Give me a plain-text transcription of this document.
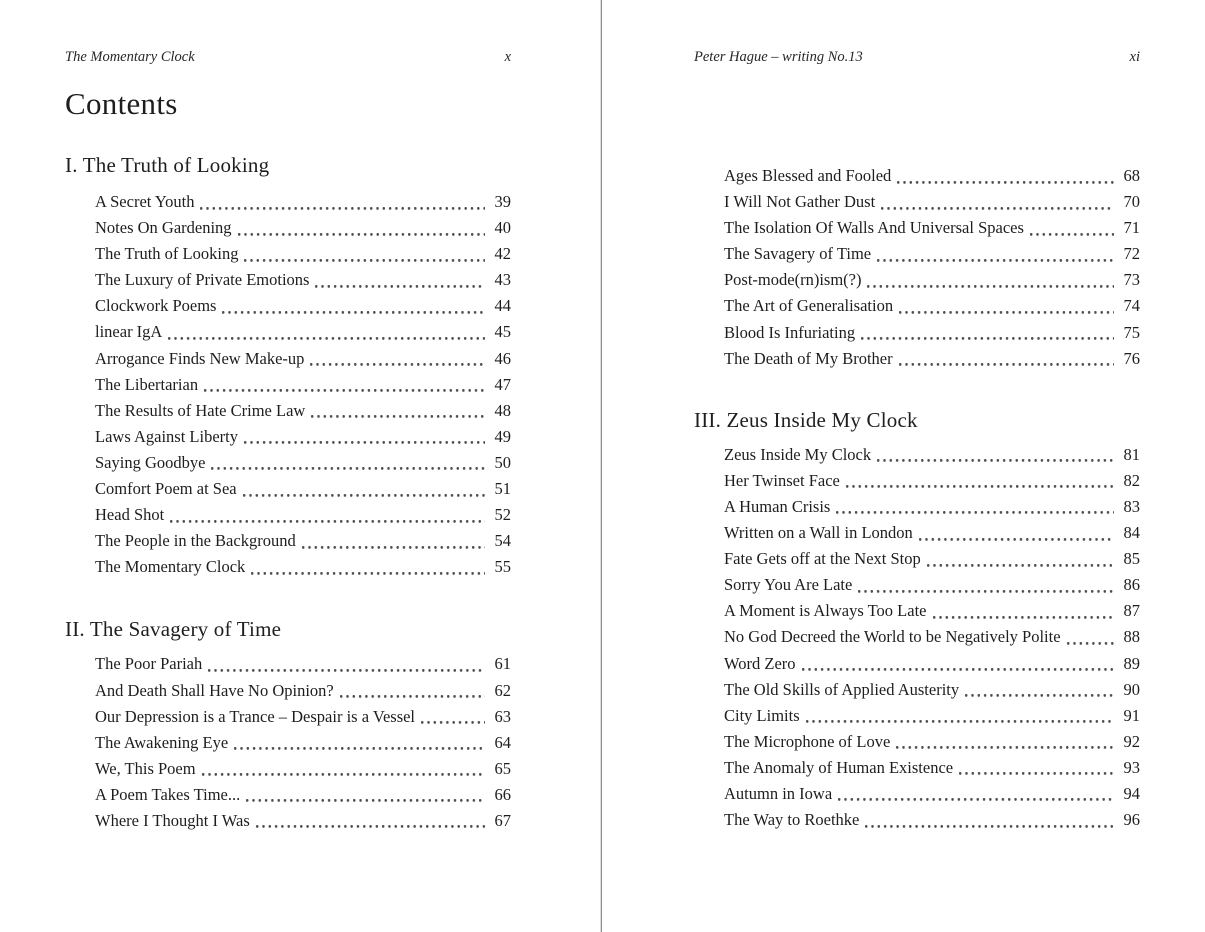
The Momentary Clock	x
Contents
I. The Truth of Looking
A Secret Youth	39
Notes On Gardening	40
The Truth of Looking	42
The Luxury of Private Emotions	43
Clockwork Poems	44
linear IgA	45
Arrogance Finds New Make-up	46
The Libertarian	47
The Results of Hate Crime Law	48
Laws Against Liberty	49
Saying Goodbye	50
Comfort Poem at Sea	51
Head Shot	52
The People in the Background	54
The Momentary Clock	55
II. The Savagery of Time
The Poor Pariah	61
And Death Shall Have No Opinion?	62
Our Depression is a Trance – Despair is a Vessel	63
The Awakening Eye	64
We, This Poem	65
A Poem Takes Time...	66
Where I Thought I Was	67
Peter Hague – writing No.13	xi
Ages Blessed and Fooled	68
I Will Not Gather Dust	70
The Isolation Of Walls And Universal Spaces	71
The Savagery of Time	72
Post-mode(rn)ism(?)	73
The Art of Generalisation	74
Blood Is Infuriating	75
The Death of My Brother	76
III. Zeus Inside My Clock
Zeus Inside My Clock	81
Her Twinset Face	82
A Human Crisis	83
Written on a Wall in London	84
Fate Gets off at the Next Stop	85
Sorry You Are Late	86
A Moment is Always Too Late	87
No God Decreed the World to be Negatively Polite	88
Word Zero	89
The Old Skills of Applied Austerity	90
City Limits	91
The Microphone of Love	92
The Anomaly of Human Existence	93
Autumn in Iowa	94
The Way to Roethke	96
